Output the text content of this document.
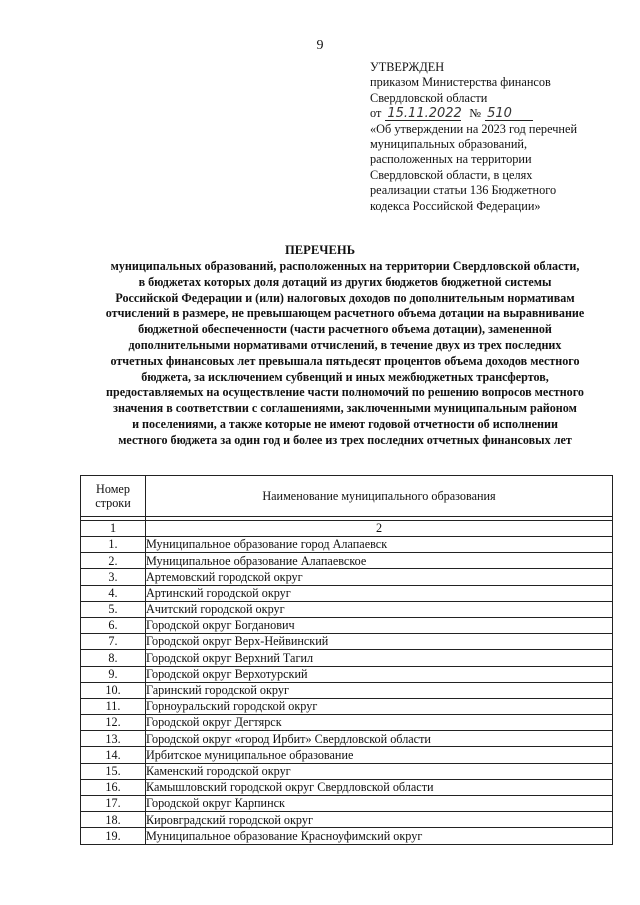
9
УТВЕРЖДЕН
приказом Министерства финансов
Свердловской области
от 15.11.2022 № 510
«Об утверждении на 2023 год перечней
муниципальных образований,
расположенных на территории
Свердловской области, в целях
реализации статьи 136 Бюджетного
кодекса Российской Федерации»
ПЕРЕЧЕНЬ
муниципальных образований, расположенных на территории Свердловской области,
в бюджетах которых доля дотаций из других бюджетов бюджетной системы
Российской Федерации и (или) налоговых доходов по дополнительным нормативам
отчислений в размере, не превышающем расчетного объема дотации на выравнивание
бюджетной обеспеченности (части расчетного объема дотации), замененной
дополнительными нормативами отчислений, в течение двух из трех последних
отчетных финансовых лет превышала пятьдесят процентов объема доходов местного
бюджета, за исключением субвенций и иных межбюджетных трансфертов,
предоставляемых на осуществление части полномочий по решению вопросов местного
значения в соответствии с соглашениями, заключенными муниципальным районом
и поселениями, а также которые не имеют годовой отчетности об исполнении
местного бюджета за один год и более из трех последних отчетных финансовых лет
Номер
строки	Наименование муниципального образования

1	2
1.	Муниципальное образование город Алапаевск
2.	Муниципальное образование Алапаевское
3.	Артемовский городской округ
4.	Артинский городской округ
5.	Ачитский городской округ
6.	Городской округ Богданович
7.	Городской округ Верх-Нейвинский
8.	Городской округ Верхний Тагил
9.	Городской округ Верхотурский
10.	Гаринский городской округ
11.	Горноуральский городской округ
12.	Городской округ Дегтярск
13.	Городской округ «город Ирбит» Свердловской области
14.	Ирбитское муниципальное образование
15.	Каменский городской округ
16.	Камышловский городской округ Свердловской области
17.	Городской округ Карпинск
18.	Кировградский городской округ
19.	Муниципальное образование Красноуфимский округ
